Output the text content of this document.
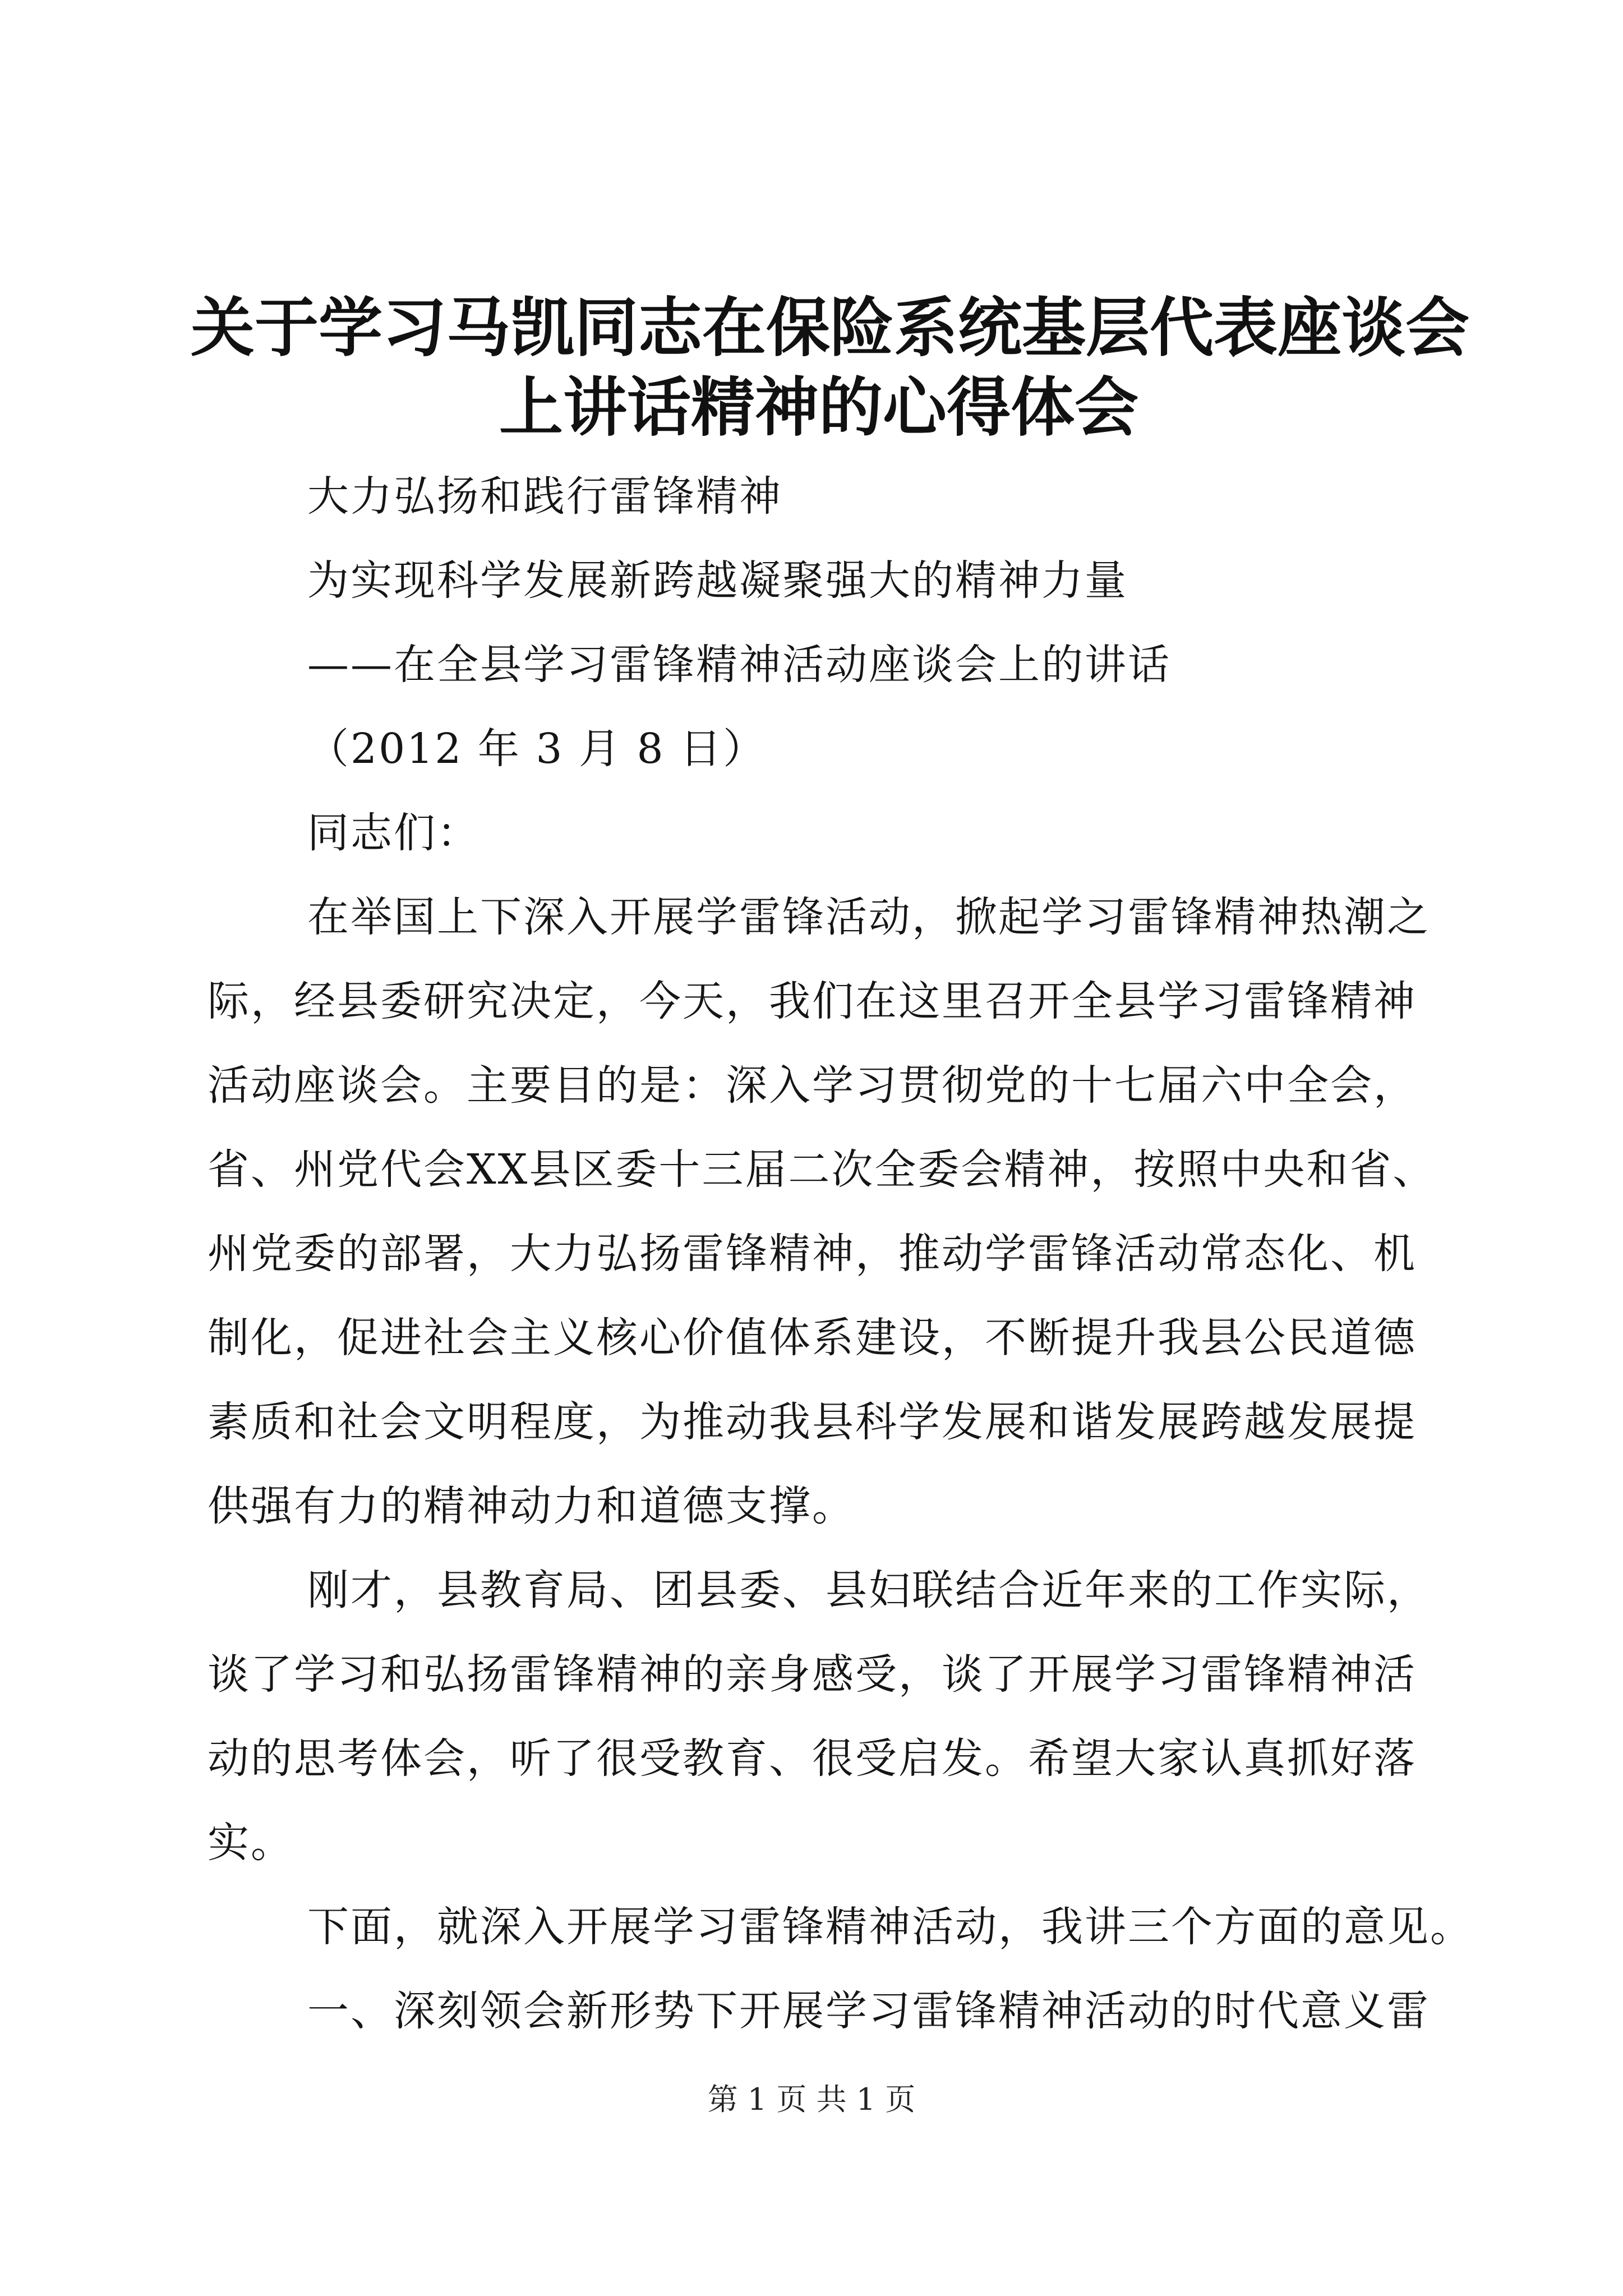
关于学习马凯同志在保险系统基层代表座谈会
上讲话精神的心得体会
大力弘扬和践行雷锋精神
为实现科学发展新跨越凝聚强大的精神力量
——在全县学习雷锋精神活动座谈会上的讲话
（2012 年 3 月 8 日）
同志们：
在举国上下深入开展学雷锋活动，掀起学习雷锋精神热潮之
际，经县委研究决定，今天，我们在这里召开全县学习雷锋精神
活动座谈会。主要目的是：深入学习贯彻党的十七届六中全会，
省、州党代会XX县区委十三届二次全委会精神，按照中央和省、
州党委的部署，大力弘扬雷锋精神，推动学雷锋活动常态化、机
制化，促进社会主义核心价值体系建设，不断提升我县公民道德
素质和社会文明程度，为推动我县科学发展和谐发展跨越发展提
供强有力的精神动力和道德支撑。
刚才，县教育局、团县委、县妇联结合近年来的工作实际，
谈了学习和弘扬雷锋精神的亲身感受，谈了开展学习雷锋精神活
动的思考体会，听了很受教育、很受启发。希望大家认真抓好落
实。
下面，就深入开展学习雷锋精神活动，我讲三个方面的意见。
一、深刻领会新形势下开展学习雷锋精神活动的时代意义雷
第 1 页 共 1 页
